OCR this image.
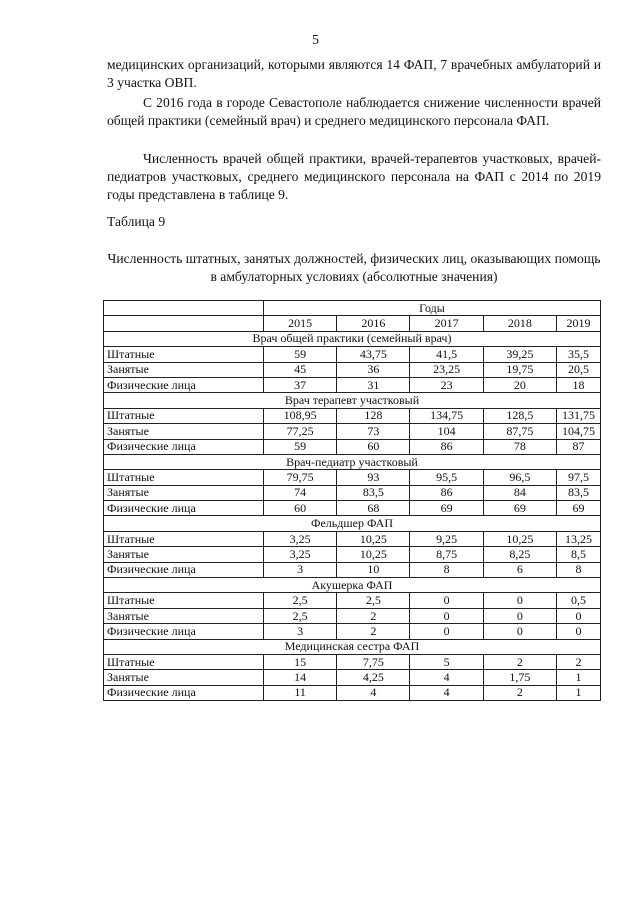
5

медицинских организаций, которыми являются 14 ФАП, 7 врачебных амбулаторий и 3 участка ОВП.

С 2016 года в городе Севастополе наблюдается снижение численности врачей общей практики (семейный врач) и среднего медицинского персонала ФАП.

Численность врачей общей практики, врачей-терапевтов участковых, врачей-педиатров участковых, среднего медицинского персонала на ФАП с 2014 по 2019 годы представлена в таблице 9.

Таблица 9

Численность штатных, занятых должностей, физических лиц, оказывающих помощь в амбулаторных условиях (абсолютные значения)

	Годы				
	2015	2016	2017	2018	2019
Врач общей практики (семейный врач)					
Штатные	59	43,75	41,5	39,25	35,5
Занятые	45	36	23,25	19,75	20,5
Физические лица	37	31	23	20	18
Врач терапевт участковый					
Штатные	108,95	128	134,75	128,5	131,75
Занятые	77,25	73	104	87,75	104,75
Физические лица	59	60	86	78	87
Врач-педиатр участковый					
Штатные	79,75	93	95,5	96,5	97,5
Занятые	74	83,5	86	84	83,5
Физические лица	60	68	69	69	69
Фельдшер ФАП					
Штатные	3,25	10,25	9,25	10,25	13,25
Занятые	3,25	10,25	8,75	8,25	8,5
Физические лица	3	10	8	6	8
Акушерка ФАП					
Штатные	2,5	2,5	0	0	0,5
Занятые	2,5	2	0	0	0
Физические лица	3	2	0	0	0
Медицинская сестра ФАП					
Штатные	15	7,75	5	2	2
Занятые	14	4,25	4	1,75	1
Физические лица	11	4	4	2	1
